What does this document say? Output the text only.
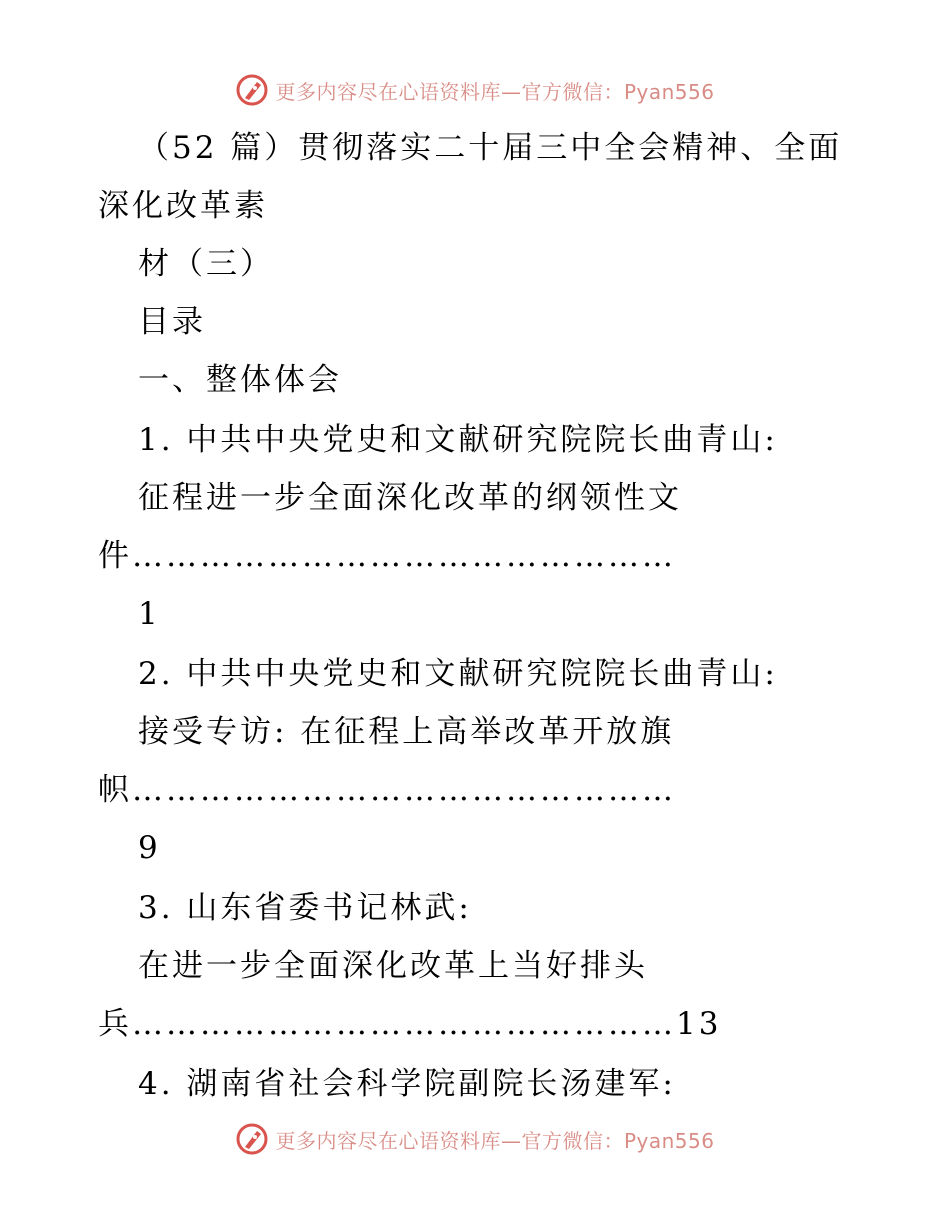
更多内容尽在心语资料库—官方微信：Pyan556
（52 篇）贯彻落实二十届三中全会精神、全面
深化改革素
材（三）
目录
一、整体体会
1. 中共中央党史和文献研究院院长曲青山:
征程进一步全面深化改革的纲领性文
件…………………………………………
1
2. 中共中央党史和文献研究院院长曲青山:
接受专访: 在征程上高举改革开放旗
帜…………………………………………
9
3. 山东省委书记林武:
在进一步全面深化改革上当好排头
兵…………………………………………13
4. 湖南省社会科学院副院长汤建军:
更多内容尽在心语资料库—官方微信：Pyan556
